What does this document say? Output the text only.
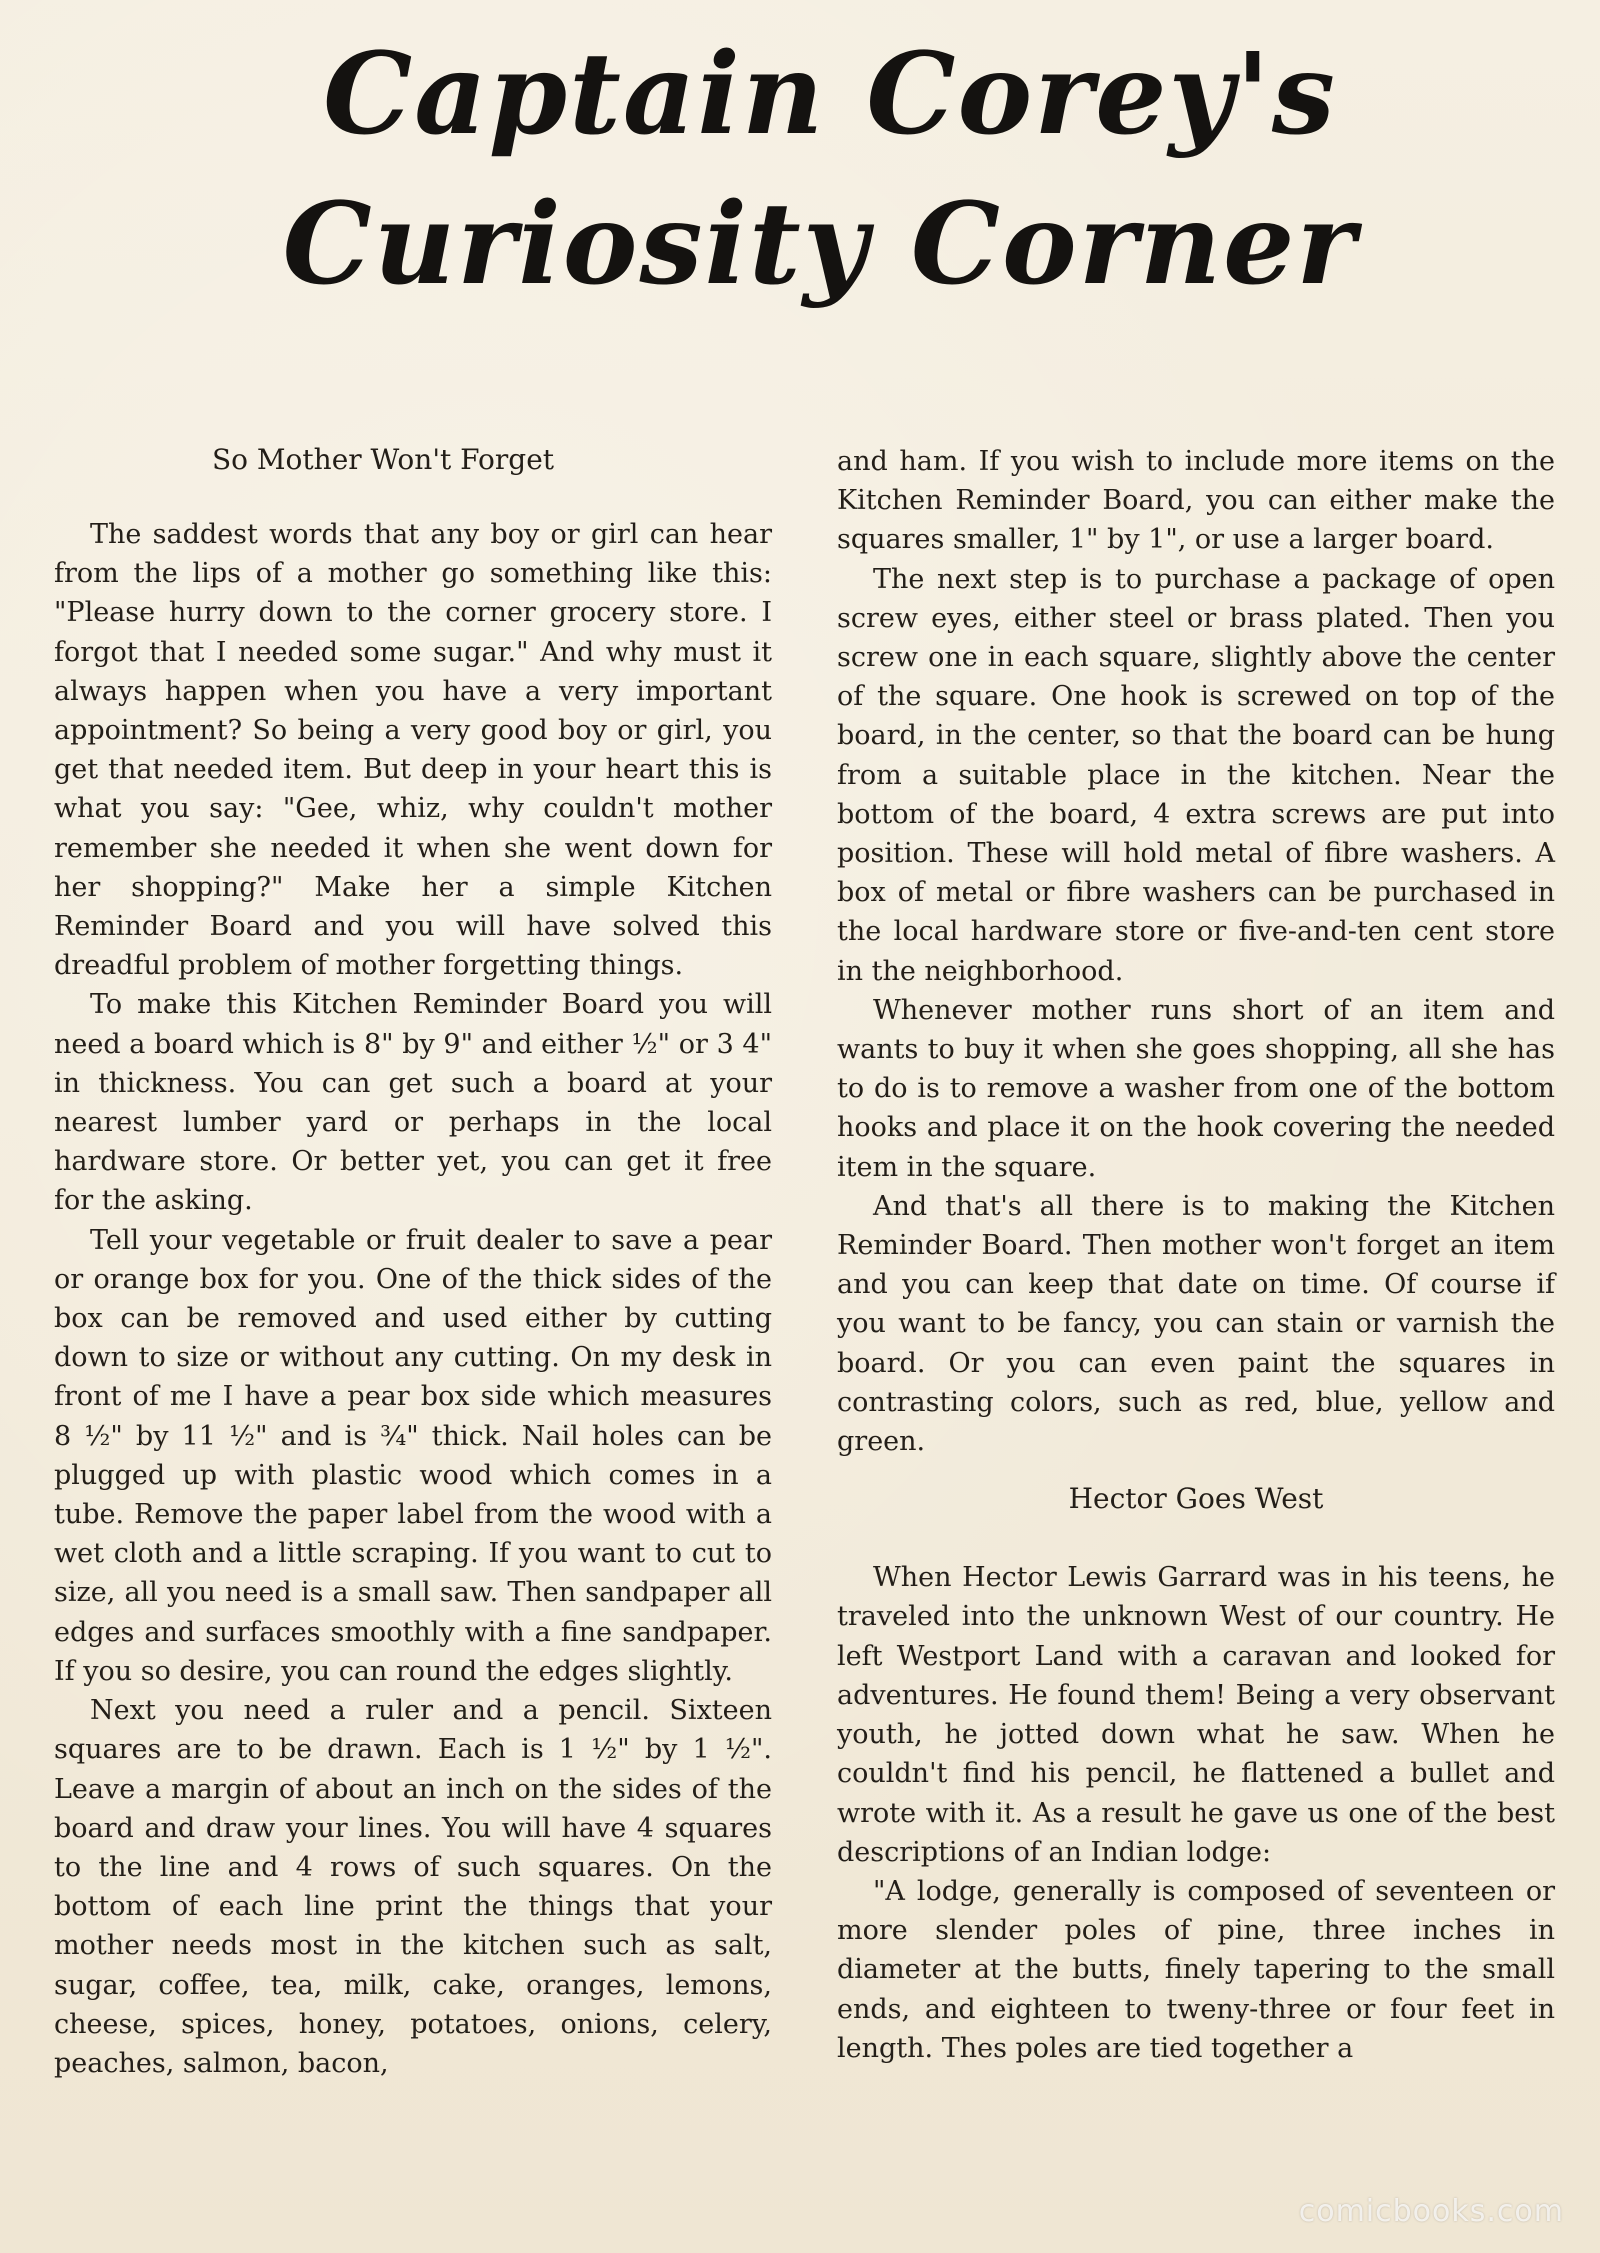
Captain Corey's
Curiosity Corner
So Mother Won't Forget

The saddest words that any boy or girl can hear from the lips of a mother go something like this: "Please hurry down to the corner grocery store. I forgot that I needed some sugar." And why must it always happen when you have a very important appointment? So being a very good boy or girl, you get that needed item. But deep in your heart this is what you say: "Gee, whiz, why couldn't mother remember she needed it when she went down for her shopping?" Make her a simple Kitchen Reminder Board and you will have solved this dreadful problem of mother forgetting things.

To make this Kitchen Reminder Board you will need a board which is 8" by 9" and either ½" or 3 4" in thickness. You can get such a board at your nearest lumber yard or perhaps in the local hardware store. Or better yet, you can get it free for the asking.

Tell your vegetable or fruit dealer to save a pear or orange box for you. One of the thick sides of the box can be removed and used either by cutting down to size or without any cutting. On my desk in front of me I have a pear box side which measures 8 ½" by 11 ½" and is ¾" thick. Nail holes can be plugged up with plastic wood which comes in a tube. Remove the paper label from the wood with a wet cloth and a little scraping. If you want to cut to size, all you need is a small saw. Then sandpaper all edges and surfaces smoothly with a fine sandpaper. If you so desire, you can round the edges slightly.

Next you need a ruler and a pencil. Sixteen squares are to be drawn. Each is 1 ½" by 1 ½". Leave a margin of about an inch on the sides of the board and draw your lines. You will have 4 squares to the line and 4 rows of such squares. On the bottom of each line print the things that your mother needs most in the kitchen such as salt, sugar, coffee, tea, milk, cake, oranges, lemons, cheese, spices, honey, potatoes, onions, celery, peaches, salmon, bacon,

and ham. If you wish to include more items on the Kitchen Reminder Board, you can either make the squares smaller, 1" by 1", or use a larger board.

The next step is to purchase a package of open screw eyes, either steel or brass plated. Then you screw one in each square, slightly above the center of the square. One hook is screwed on top of the board, in the center, so that the board can be hung from a suitable place in the kitchen. Near the bottom of the board, 4 extra screws are put into position. These will hold metal of fibre washers. A box of metal or fibre washers can be purchased in the local hardware store or five-and-ten cent store in the neighborhood.

Whenever mother runs short of an item and wants to buy it when she goes shopping, all she has to do is to remove a washer from one of the bottom hooks and place it on the hook covering the needed item in the square.

And that's all there is to making the Kitchen Reminder Board. Then mother won't forget an item and you can keep that date on time. Of course if you want to be fancy, you can stain or varnish the board. Or you can even paint the squares in contrasting colors, such as red, blue, yellow and green.

Hector Goes West

When Hector Lewis Garrard was in his teens, he traveled into the unknown West of our country. He left Westport Land with a caravan and looked for adventures. He found them! Being a very observant youth, he jotted down what he saw. When he couldn't find his pencil, he flattened a bullet and wrote with it. As a result he gave us one of the best descriptions of an Indian lodge:

"A lodge, generally is composed of seventeen or more slender poles of pine, three inches in diameter at the butts, finely tapering to the small ends, and eighteen to tweny-three or four feet in length. Thes poles are tied together a

comicbooks.com
